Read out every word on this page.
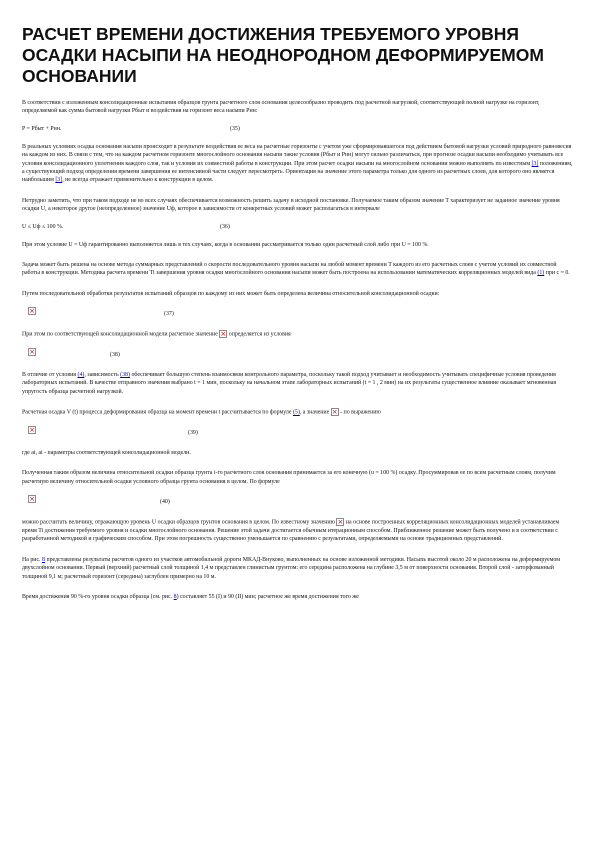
РАСЧЕТ ВРЕМЕНИ ДОСТИЖЕНИЯ ТРЕБУЕМОГО УРОВНЯ ОСАДКИ НАСЫПИ НА НЕОДНОРОДНОМ ДЕФОРМИРУЕМОМ ОСНОВАНИИ

В соответствии с изложенным консолидационные испытания образцов грунта расчетного слоя основания целесообразно проводить под расчетной нагрузкой, соответствующей полной нагрузке на горизонт, определяемой как сумма бытовой нагрузки Pбыт и воздействия на горизонт веса насыпи Pнн:

P = Pбыт + Pнн.	(35)

В реальных условиях осадка основания насыпи происходит в результате воздействия ее веса на расчетные горизонты с учетом уже сформировавшегося под действием бытовой нагрузки условий природного равновесия на каждом из них. В связи с тем, что на каждом расчетном горизонте многослойного основания насыпи такие условия (Pбыт и Pнн) могут сильно различаться, при прогнозе осадки насыпи необходимо учитывать все условия консолидационного уплотнения каждого слоя, так и условия их совместной работы в конструкции. При этом расчет осадки насыпи на многослойном основании можно выполнять по известным [3] положениям, а существующий подход определения времени завершения ее интенсивной части следует пересмотреть. Ориентация на значение этого параметра только для одного из расчетных слоев, для которого оно является наибольшим [3], не всегда отражает применительно к конструкции в целом.

Нетрудно заметить, что при таком подходе не во всех случаях обеспечивается возможность решить задачу в исходной постановке. Получаемое таким образом значение T характеризует не заданное значение уровня осадки U, а некоторое другое (неопределенное) значение Uф, которое в зависимости от конкретных условий может располагаться в интервале

U ≤ Uф ≤ 100 %.	(36)

При этом условие U = Uф гарантированно выполняется лишь в тех случаях, когда в основании рассматривается только один расчетный слой либо при U = 100 %.

Задача может быть решена на основе метода суммарных представлений о скорости последовательного уровня насыпи на любой момент времени T каждого из его расчетных слоев с учетом условий их совместной работы в конструкции. Методика расчета времени Ti завершения уровня осадки многослойного основания насыпи может быть построена на использовании математических корреляционных моделей вида (1) при c = 0.

Путем последовательной обработки результатов испытаний образцов по каждому из них может быть определена величина относительной консолидационной осадки:

×
(37)

При этом по соответствующей консолидационной модели расчетное значение × определяется из условия

×
(38)

В отличие от условия (4), зависимость (38) обеспечивает большую степень взаимосвязи контрольного параметра, поскольку такой подход учитывает и необходимость учитывать специфичные условия проведения лабораторных испытаний. В качестве отправного значения выбрано t = 1 мин, поскольку на начальном этапе лабораторных испытаний (t = 1 , 2 мин) на их результаты существенное влияние оказывает мгновенная упругость образца расчетной нагрузкой.

Расчетная осадка V (t) процесса деформирования образца на момент времени t рассчитывается по формуле (5), а значение × - по выражению

×
(39)

где ai, ai - параметры соответствующей консолидационной модели.

Полученная таким образом величина относительной осадки образца грунта i-го расчетного слоя основания принимается за его конечную (u = 100 %) осадку. Просуммировав ее по всем расчетным слоям, получим расчетную величину относительной осадки условного образца грунта основания в целом. По формуле

×
(40)

можно рассчитать величину, отражающую уровень U осадки образцов грунтов основания в целом. По известному значению × на основе построенных корреляционных консолидационных моделей устанавливаем время Ti достижения требуемого уровня и осадки многослойного основания. Решение этой задачи достигается обычным итерационным способом. Приближенное решение может быть получено и в соответствии с разработанной методикой и графическим способом. При этом погрешность существенно уменьшается по сравнению с результатами, определяемыми на основе традиционных представлений.

На рис. 8 представлены результаты расчетов одного из участков автомобильной дороги МКАД-Внуково, выполненных на основе изложенной методики. Насыпь высотой около 20 м расположена на деформируемом двухслойном основании. Первый (верхний) расчетный слой толщиной 1,4 м представлен глинистым грунтом: его середина расположена на глубине 3,5 м от поверхности основания. Второй слой - заторфованный толщиной 9,1 м; расчетный горизонт (середина) заглублен примерно на 10 м.

Время достижения 90 %-го уровня осадки образца (см. рис. 8) составляет 55 (I) и 90 (II) мин; расчетное же время достижения того же
